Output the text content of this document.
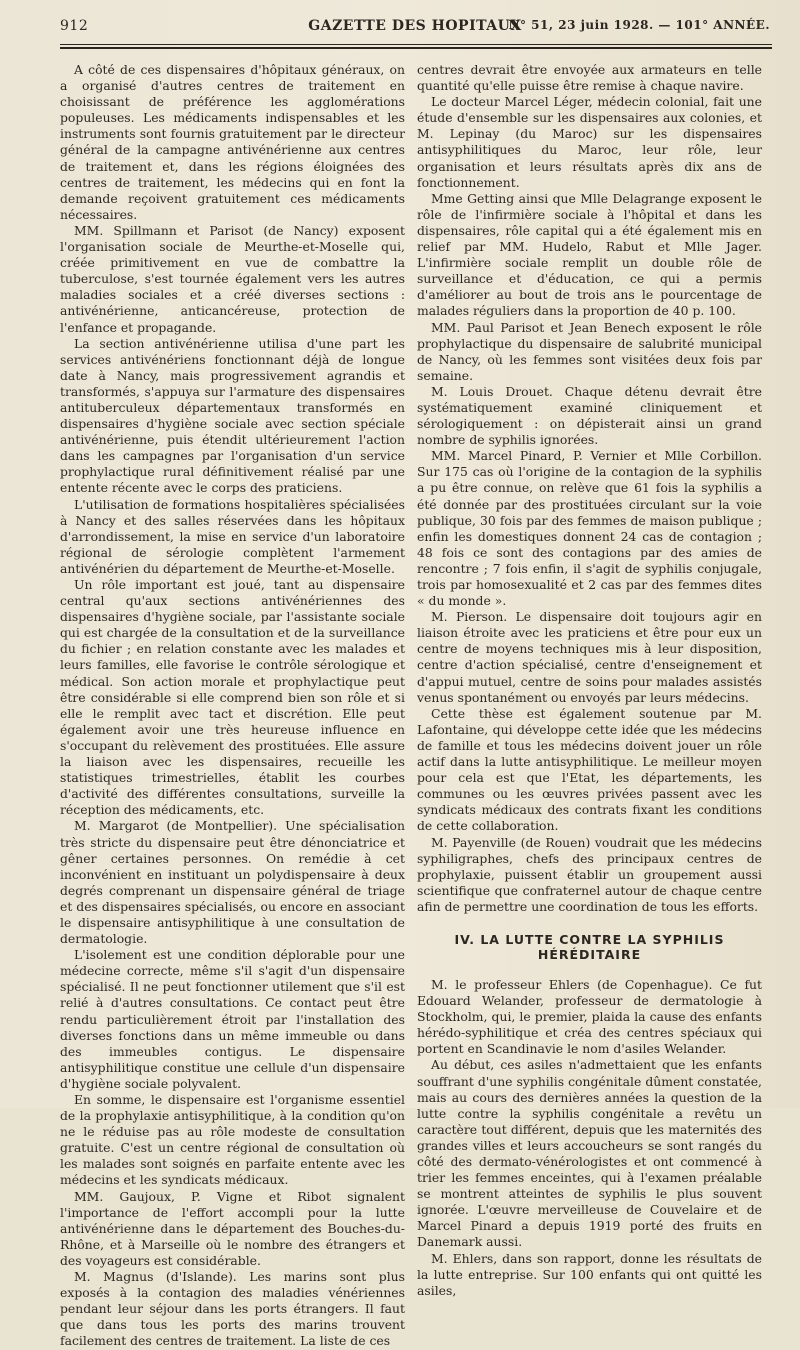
912	GAZETTE DES HOPITAUX
N° 51, 23 juin 1928. — 101° ANNÉE.

A côté de ces dispensaires d'hôpitaux généraux, on a organisé d'autres centres de traitement en choisissant de préférence les agglomérations populeuses. Les médicaments indispensables et les instruments sont fournis gratuitement par le directeur général de la campagne antivénérienne aux centres de traitement et, dans les régions éloignées des centres de traitement, les médecins qui en font la demande reçoivent gratuitement ces médicaments nécessaires.

MM. Spillmann et Parisot (de Nancy) exposent l'organisation sociale de Meurthe-et-Moselle qui, créée primitivement en vue de combattre la tuberculose, s'est tournée également vers les autres maladies sociales et a créé diverses sections : antivénérienne, anticancéreuse, protection de l'enfance et propagande.

La section antivénérienne utilisa d'une part les services antivénériens fonctionnant déjà de longue date à Nancy, mais progressivement agrandis et transformés, s'appuya sur l'armature des dispensaires antituberculeux départementaux transformés en dispensaires d'hygiène sociale avec section spéciale antivénérienne, puis étendit ultérieurement l'action dans les campagnes par l'organisation d'un service prophylactique rural définitivement réalisé par une entente récente avec le corps des praticiens.

L'utilisation de formations hospitalières spécialisées à Nancy et des salles réservées dans les hôpitaux d'arrondissement, la mise en service d'un laboratoire régional de sérologie complètent l'armement antivénérien du département de Meurthe-et-Moselle.

Un rôle important est joué, tant au dispensaire central qu'aux sections antivénériennes des dispensaires d'hygiène sociale, par l'assistante sociale qui est chargée de la consultation et de la surveillance du fichier ; en relation constante avec les malades et leurs familles, elle favorise le contrôle sérologique et médical. Son action morale et prophylactique peut être considérable si elle comprend bien son rôle et si elle le remplit avec tact et discrétion. Elle peut également avoir une très heureuse influence en s'occupant du relèvement des prostituées. Elle assure la liaison avec les dispensaires, recueille les statistiques trimestrielles, établit les courbes d'activité des différentes consultations, surveille la réception des médicaments, etc.

M. Margarot (de Montpellier). Une spécialisation très stricte du dispensaire peut être dénonciatrice et gêner certaines personnes. On remédie à cet inconvénient en instituant un polydispensaire à deux degrés comprenant un dispensaire général de triage et des dispensaires spécialisés, ou encore en associant le dispensaire antisyphilitique à une consultation de dermatologie.

L'isolement est une condition déplorable pour une médecine correcte, même s'il s'agit d'un dispensaire spécialisé. Il ne peut fonctionner utilement que s'il est relié à d'autres consultations. Ce contact peut être rendu particulièrement étroit par l'installation des diverses fonctions dans un même immeuble ou dans des immeubles contigus. Le dispensaire antisyphilitique constitue une cellule d'un dispensaire d'hygiène sociale polyvalent.

En somme, le dispensaire est l'organisme essentiel de la prophylaxie antisyphilitique, à la condition qu'on ne le réduise pas au rôle modeste de consultation gratuite. C'est un centre régional de consultation où les malades sont soignés en parfaite entente avec les médecins et les syndicats médicaux.

MM. Gaujoux, P. Vigne et Ribot signalent l'importance de l'effort accompli pour la lutte antivénérienne dans le département des Bouches-du-Rhône, et à Marseille où le nombre des étrangers et des voyageurs est considérable.

M. Magnus (d'Islande). Les marins sont plus exposés à la contagion des maladies vénériennes pendant leur séjour dans les ports étrangers. Il faut que dans tous les ports des marins trouvent facilement des centres de traitement. La liste de ces

centres devrait être envoyée aux armateurs en telle quantité qu'elle puisse être remise à chaque navire.

Le docteur Marcel Léger, médecin colonial, fait une étude d'ensemble sur les dispensaires aux colonies, et M. Lepinay (du Maroc) sur les dispensaires antisyphilitiques du Maroc, leur rôle, leur organisation et leurs résultats après dix ans de fonctionnement.

Mme Getting ainsi que Mlle Delagrange exposent le rôle de l'infirmière sociale à l'hôpital et dans les dispensaires, rôle capital qui a été également mis en relief par MM. Hudelo, Rabut et Mlle Jager. L'infirmière sociale remplit un double rôle de surveillance et d'éducation, ce qui a permis d'améliorer au bout de trois ans le pourcentage de malades réguliers dans la proportion de 40 p. 100.

MM. Paul Parisot et Jean Benech exposent le rôle prophylactique du dispensaire de salubrité municipal de Nancy, où les femmes sont visitées deux fois par semaine.

M. Louis Drouet. Chaque détenu devrait être systématiquement examiné cliniquement et sérologiquement : on dépisterait ainsi un grand nombre de syphilis ignorées.

MM. Marcel Pinard, P. Vernier et Mlle Corbillon. Sur 175 cas où l'origine de la contagion de la syphilis a pu être connue, on relève que 61 fois la syphilis a été donnée par des prostituées circulant sur la voie publique, 30 fois par des femmes de maison publique ; enfin les domestiques donnent 24 cas de contagion ; 48 fois ce sont des contagions par des amies de rencontre ; 7 fois enfin, il s'agit de syphilis conjugale, trois par homosexualité et 2 cas par des femmes dites « du monde ».

M. Pierson. Le dispensaire doit toujours agir en liaison étroite avec les praticiens et être pour eux un centre de moyens techniques mis à leur disposition, centre d'action spécialisé, centre d'enseignement et d'appui mutuel, centre de soins pour malades assistés venus spontanément ou envoyés par leurs médecins.

Cette thèse est également soutenue par M. Lafontaine, qui développe cette idée que les médecins de famille et tous les médecins doivent jouer un rôle actif dans la lutte antisyphilitique. Le meilleur moyen pour cela est que l'Etat, les départements, les communes ou les œuvres privées passent avec les syndicats médicaux des contrats fixant les conditions de cette collaboration.

M. Payenville (de Rouen) voudrait que les médecins syphiligraphes, chefs des principaux centres de prophylaxie, puissent établir un groupement aussi scientifique que confraternel autour de chaque centre afin de permettre une coordination de tous les efforts.

IV. LA LUTTE CONTRE LA SYPHILIS
HÉRÉDITAIRE

M. le professeur Ehlers (de Copenhague). Ce fut Edouard Welander, professeur de dermatologie à Stockholm, qui, le premier, plaida la cause des enfants hérédo-syphilitique et créa des centres spéciaux qui portent en Scandinavie le nom d'asiles Welander.

Au début, ces asiles n'admettaient que les enfants souffrant d'une syphilis congénitale dûment constatée, mais au cours des dernières années la question de la lutte contre la syphilis congénitale a revêtu un caractère tout différent, depuis que les maternités des grandes villes et leurs accoucheurs se sont rangés du côté des dermato-vénérologistes et ont commencé à trier les femmes enceintes, qui à l'examen préalable se montrent atteintes de syphilis le plus souvent ignorée. L'œuvre merveilleuse de Couvelaire et de Marcel Pinard a depuis 1919 porté des fruits en Danemark aussi.

M. Ehlers, dans son rapport, donne les résultats de la lutte entreprise. Sur 100 enfants qui ont quitté les asiles,
